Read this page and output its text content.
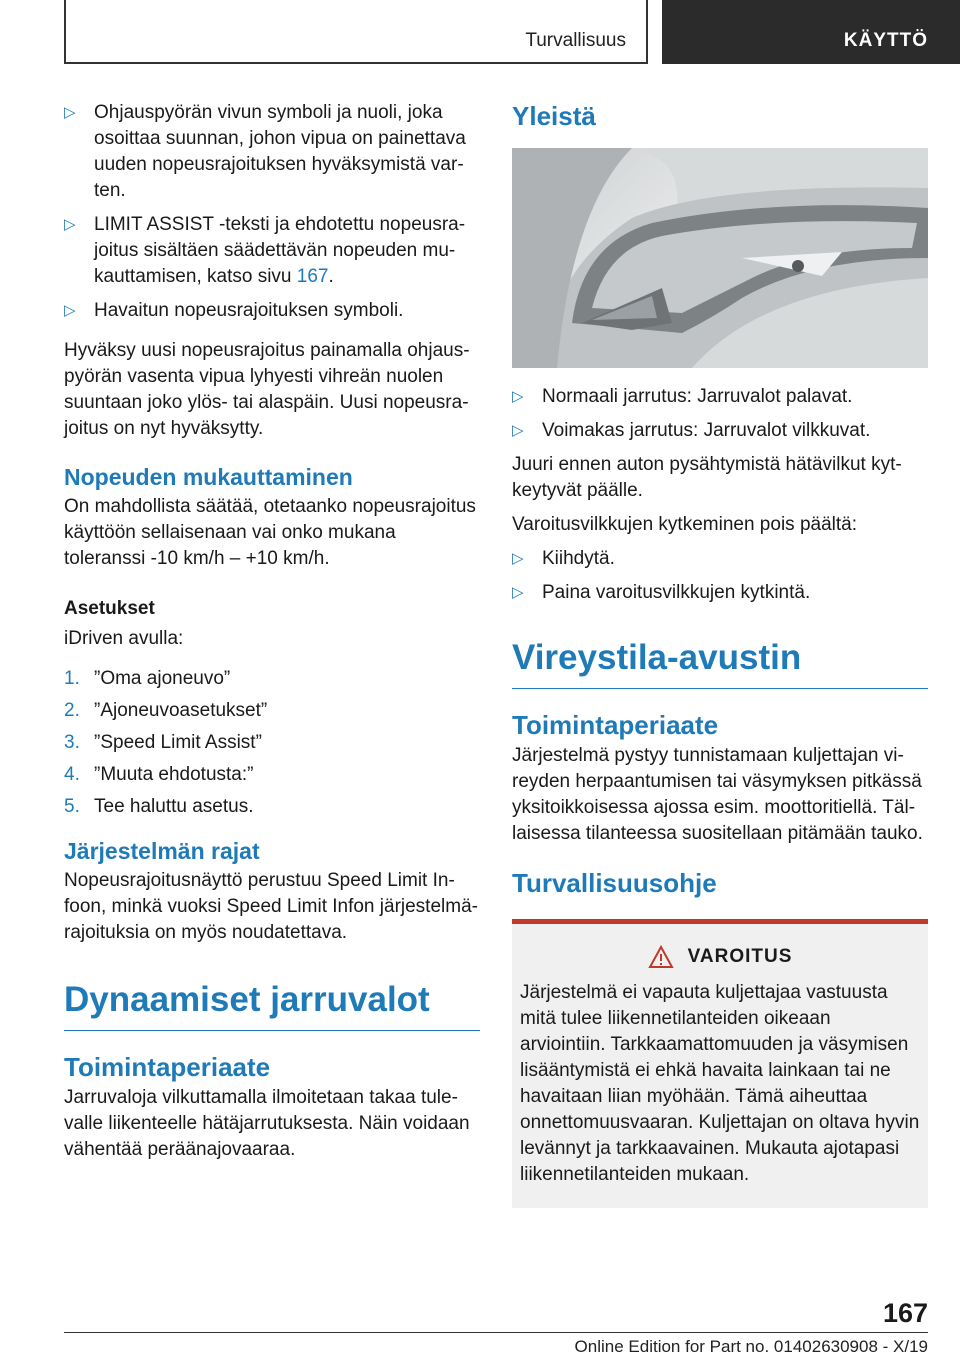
Turvallisuus	KÄYTTÖ
▷ Ohjauspyörän vivun symboli ja nuoli, joka osoittaa suunnan, johon vipua on painettava uuden nopeusrajoituksen hyväksymistä varten.
▷ LIMIT ASSIST -teksti ja ehdotettu nopeusrajoitus sisältäen säädettävän nopeuden mukauttamisen, katso sivu 167.
▷ Havaitun nopeusrajoituksen symboli.

Hyväksy uusi nopeusrajoitus painamalla ohjauspyörän vasenta vipua lyhyesti vihreän nuolen suuntaan joko ylös- tai alaspäin. Uusi nopeusrajoitus on nyt hyväksytty.

Nopeuden mukauttaminen

On mahdollista säätää, otetaanko nopeusrajoitus käyttöön sellaisenaan vai onko mukana toleranssi -10 km/h – +10 km/h.

Asetukset

iDriven avulla:

1. ”Oma ajoneuvo”
2. ”Ajoneuvoasetukset”
3. ”Speed Limit Assist”
4. ”Muuta ehdotusta:”
5. Tee haluttu asetus.
Järjestelmän rajat

Nopeusrajoitusnäyttö perustuu Speed Limit Infoon, minkä vuoksi Speed Limit Infon järjestelmärajoituksia on myös noudatettava.

Dynaamiset jarruvalot
Toimintaperiaate

Jarruvaloja vilkuttamalla ilmoitetaan takaa tulevalle liikenteelle hätäjarrutuksesta. Näin voidaan vähentää peräänajovaaraa.

Yleistä
▷ Normaali jarrutus: Jarruvalot palavat.
▷ Voimakas jarrutus: Jarruvalot vilkkuvat.

Juuri ennen auton pysähtymistä hätävilkut kytkeytyvät päälle.

Varoitusvilkkujen kytkeminen pois päältä:

▷ Kiihdytä.
▷ Paina varoitusvilkkujen kytkintä.
Vireystila-avustin
Toimintaperiaate

Järjestelmä pystyy tunnistamaan kuljettajan vireyden herpaantumisen tai väsymyksen pitkässä yksitoikkoisessa ajossa esim. moottoritiellä. Tällaisessa tilanteessa suositellaan pitämään tauko.

Turvallisuusohje
VAROITUS

Järjestelmä ei vapauta kuljettajaa vastuusta mitä tulee liikennetilanteiden oikeaan arviointiin. Tarkkaamattomuuden ja väsymisen lisääntymistä ei ehkä havaita lainkaan tai ne havaitaan liian myöhään. Tämä aiheuttaa onnettomuusvaaran. Kuljettajan on oltava hyvin levännyt ja tarkkaavainen. Mukauta ajotapasi liikennetilanteiden mukaan.

167
Online Edition for Part no. 01402630908 - X/19
